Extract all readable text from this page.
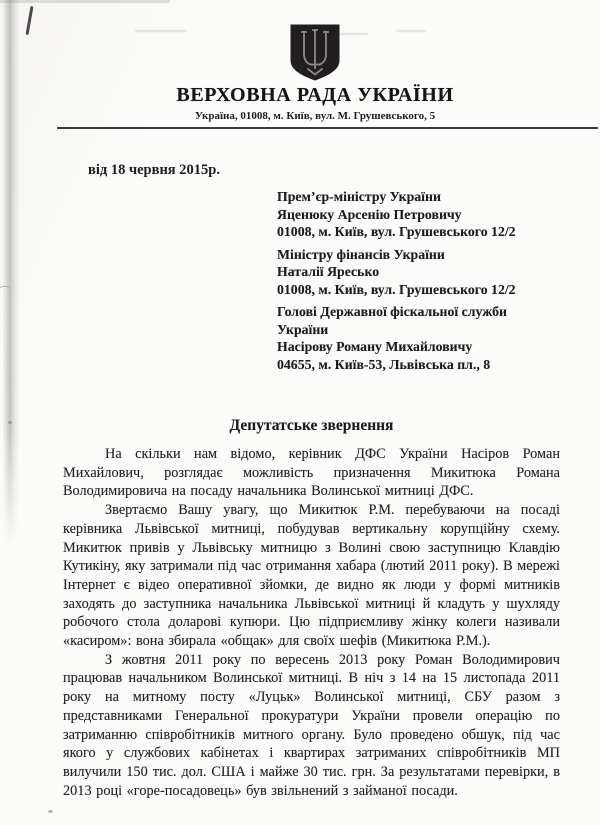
ВЕРХОВНА РАДА УКРАЇНИ
Україна, 01008, м. Київ, вул. М. Грушевського, 5
від 18 червня 2015р.
Прем’єр-міністру України
Яценюку Арсенію Петровичу
01008, м. Київ, вул. Грушевського 12/2
Міністру фінансів України
Наталії Яресько
01008, м. Київ, вул. Грушевського 12/2
Голові Державної фіскальної служби
України
Насірову Роману Михайловичу
04655, м. Київ-53, Львівська пл., 8
Депутатське звернення

На скільки нам відомо, керівник ДФС України Насіров Роман Михайлович, розглядає можливість призначення Микитюка Романа Володимировича на посаду начальника Волинської митниці ДФС.

Звертаємо Вашу увагу, що Микитюк Р.М. перебуваючи на посаді керівника Львівської митниці, побудував вертикальну корупційну схему. Микитюк привів у Львівську митницю з Волині свою заступницю Клавдію Кутикіну, яку затримали під час отримання хабара (лютий 2011 року). В мережі Інтернет є відео оперативної зйомки, де видно як люди у формі митників заходять до заступника начальника Львівської митниці й кладуть у шухляду робочого стола доларові купюри. Цю підприємливу жінку колеги називали «касиром»: вона збирала «общак» для своїх шефів (Микитюка Р.М.).

З жовтня 2011 року по вересень 2013 року Роман Володимирович працював начальником Волинської митниці. В ніч з 14 на 15 листопада 2011 року на митному посту «Луцьк» Волинської митниці, СБУ разом з представниками Генеральної прокуратури України провели операцію по затриманню співробітників митного органу. Було проведено обшук, під час якого у службових кабінетах і квартирах затриманих співробітників МП вилучили 150 тис. дол. США і майже 30 тис. грн. За результатами перевірки, в 2013 році «горе-посадовець» був звільнений з займаної посади.
